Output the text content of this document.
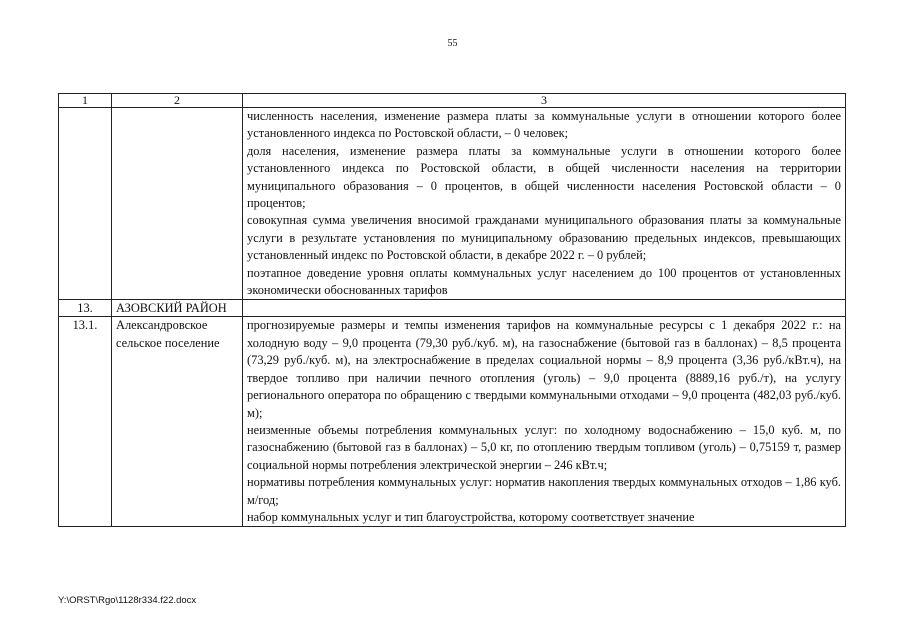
55
1	2	3

		численность населения, изменение размера платы за коммунальные услуги в отношении которого более установленного индекса по Ростовской области, – 0 человек;
доля населения, изменение размера платы за коммунальные услуги в отношении которого более установленного индекса по Ростовской области, в общей численности населения на территории муниципального образования – 0 процентов, в общей численности населения Ростовской области – 0 процентов;
совокупная сумма увеличения вносимой гражданами муниципального образования платы за коммунальные услуги в результате установления по муниципальному образованию предельных индексов, превышающих установленный индекс по Ростовской области, в декабре 2022 г. – 0 рублей;
поэтапное доведение уровня оплаты коммунальных услуг населением до 100 процентов от установленных экономически обоснованных тарифов

13.	АЗОВСКИЙ РАЙОН	
13.1.	Александровское сельское поселение	прогнозируемые размеры и темпы изменения тарифов на коммунальные ресурсы с 1 декабря 2022 г.: на холодную воду – 9,0 процента (79,30 руб./куб. м), на газоснабжение (бытовой газ в баллонах) – 8,5 процента (73,29 руб./куб. м), на электроснабжение в пределах социальной нормы – 8,9 процента (3,36 руб./кВт.ч), на твердое топливо при наличии печного отопления (уголь) – 9,0 процента (8889,16 руб./т), на услугу регионального оператора по обращению с твердыми коммунальными отходами – 9,0 процента (482,03 руб./куб. м);
неизменные объемы потребления коммунальных услуг: по холодному водоснабжению – 15,0 куб. м, по газоснабжению (бытовой газ в баллонах) – 5,0 кг, по отоплению твердым топливом (уголь) – 0,75159 т, размер социальной нормы потребления электрической энергии – 246 кВт.ч;
нормативы потребления коммунальных услуг: норматив накопления твердых коммунальных отходов – 1,86 куб. м/год;
набор коммунальных услуг и тип благоустройства, которому соответствует значение
Y:\ORST\Rgo\1128r334.f22.docx
